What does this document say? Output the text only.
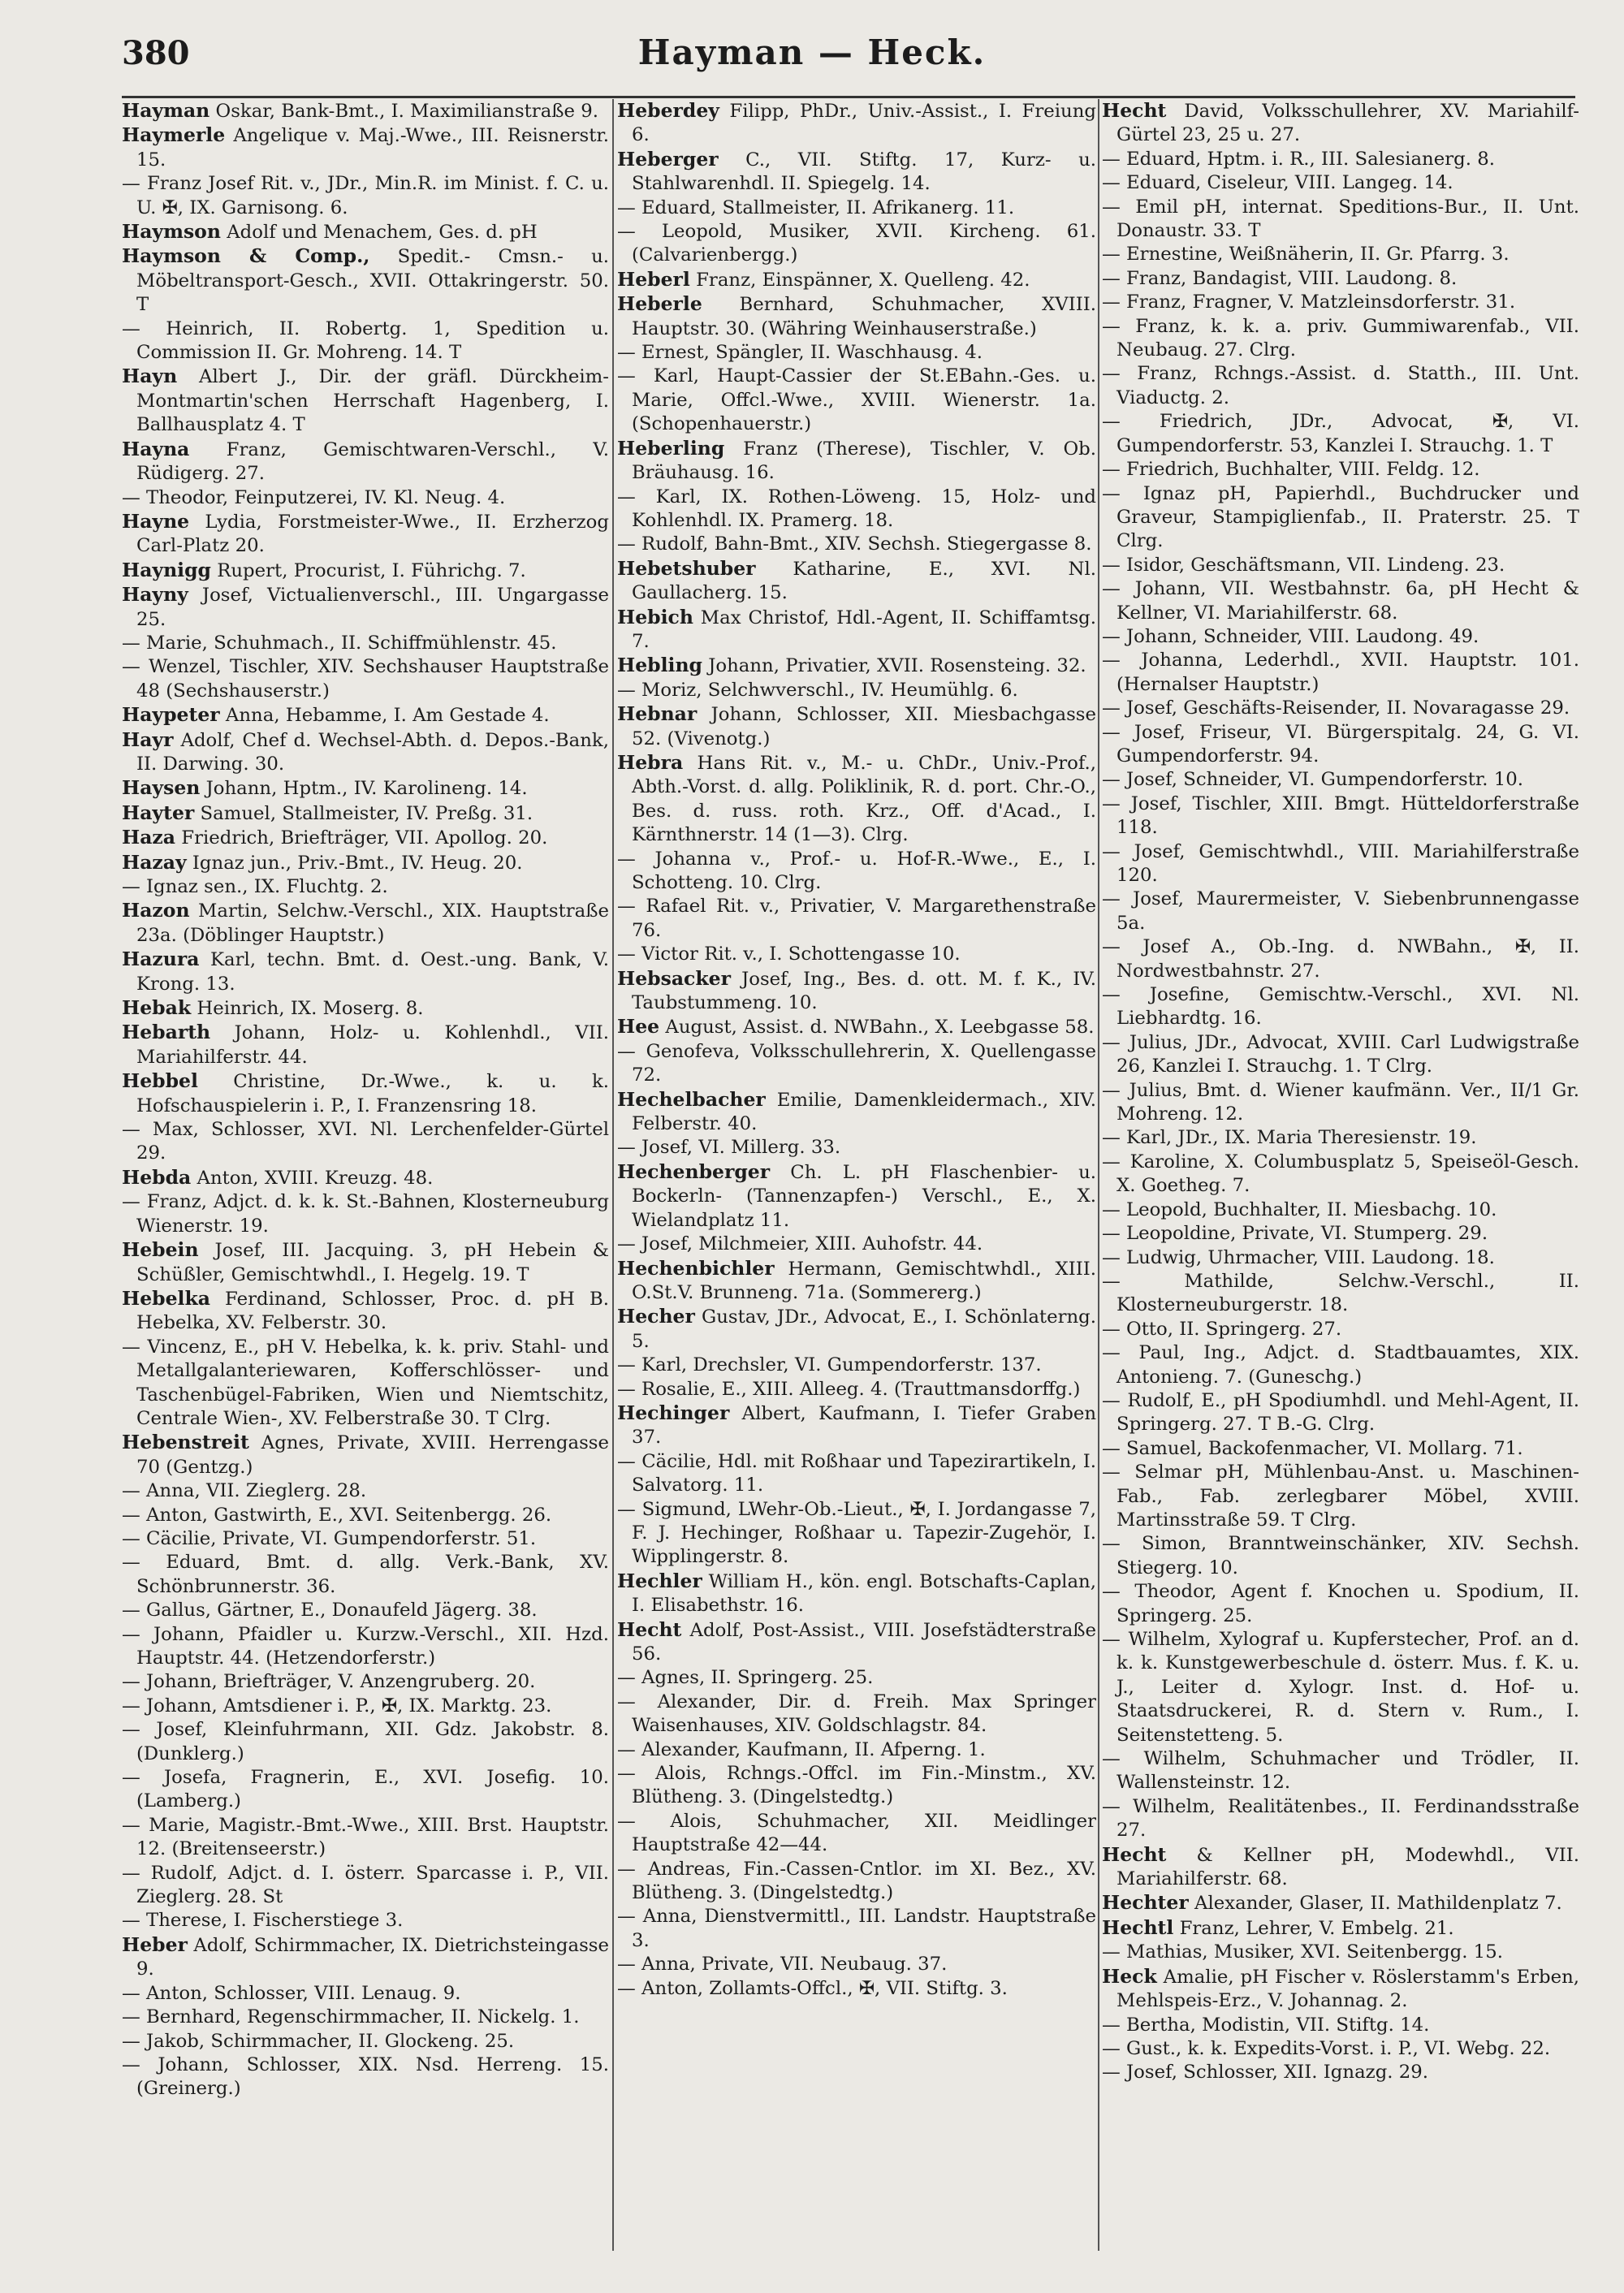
380	Hayman — Heck.
Hayman Oskar, Bank-Bmt., I. Maximilianstraße 9.
Haymerle Angelique v. Maj.-Wwe., III. Reisnerstr. 15.
— Franz Josef Rit. v., JDr., Min.R. im Minist. f. C. u. U. ✠, IX. Garnisong. 6.
Haymson Adolf und Menachem, Ges. d. pH
Haymson & Comp., Spedit.- Cmsn.- u. Möbeltransport-Gesch., XVII. Ottakringerstr. 50. T
— Heinrich, II. Robertg. 1, Spedition u. Commission II. Gr. Mohreng. 14. T
Hayn Albert J., Dir. der gräfl. Dürckheim-Montmartin'schen Herrschaft Hagenberg, I. Ballhausplatz 4. T
Hayna Franz, Gemischtwaren-Verschl., V. Rüdigerg. 27.
— Theodor, Feinputzerei, IV. Kl. Neug. 4.
Hayne Lydia, Forstmeister-Wwe., II. Erzherzog Carl-Platz 20.
Haynigg Rupert, Procurist, I. Führichg. 7.
Hayny Josef, Victualienverschl., III. Ungargasse 25.
— Marie, Schuhmach., II. Schiffmühlenstr. 45.
— Wenzel, Tischler, XIV. Sechshauser Hauptstraße 48 (Sechshauserstr.)
Haypeter Anna, Hebamme, I. Am Gestade 4.
Hayr Adolf, Chef d. Wechsel-Abth. d. Depos.-Bank, II. Darwing. 30.
Haysen Johann, Hptm., IV. Karolineng. 14.
Hayter Samuel, Stallmeister, IV. Preßg. 31.
Haza Friedrich, Briefträger, VII. Apollog. 20.
Hazay Ignaz jun., Priv.-Bmt., IV. Heug. 20.
— Ignaz sen., IX. Fluchtg. 2.
Hazon Martin, Selchw.-Verschl., XIX. Hauptstraße 23a. (Döblinger Hauptstr.)
Hazura Karl, techn. Bmt. d. Oest.-ung. Bank, V. Krong. 13.
Hebak Heinrich, IX. Moserg. 8.
Hebarth Johann, Holz- u. Kohlenhdl., VII. Mariahilferstr. 44.
Hebbel Christine, Dr.-Wwe., k. u. k. Hofschauspielerin i. P., I. Franzensring 18.
— Max, Schlosser, XVI. Nl. Lerchenfelder-Gürtel 29.
Hebda Anton, XVIII. Kreuzg. 48.
— Franz, Adjct. d. k. k. St.-Bahnen, Klosterneuburg Wienerstr. 19.
Hebein Josef, III. Jacquing. 3, pH Hebein & Schüßler, Gemischtwhdl., I. Hegelg. 19. T
Hebelka Ferdinand, Schlosser, Proc. d. pH B. Hebelka, XV. Felberstr. 30.
— Vincenz, E., pH V. Hebelka, k. k. priv. Stahl- und Metallgalanteriewaren, Kofferschlösser- und Taschenbügel-Fabriken, Wien und Niemtschitz, Centrale Wien-, XV. Felberstraße 30. T Clrg.
Hebenstreit Agnes, Private, XVIII. Herrengasse 70 (Gentzg.)
— Anna, VII. Zieglerg. 28.
— Anton, Gastwirth, E., XVI. Seitenbergg. 26.
— Cäcilie, Private, VI. Gumpendorferstr. 51.
— Eduard, Bmt. d. allg. Verk.-Bank, XV. Schönbrunnerstr. 36.
— Gallus, Gärtner, E., Donaufeld Jägerg. 38.
— Johann, Pfaidler u. Kurzw.-Verschl., XII. Hzd. Hauptstr. 44. (Hetzendorferstr.)
— Johann, Briefträger, V. Anzengruberg. 20.
— Johann, Amtsdiener i. P., ✠, IX. Marktg. 23.
— Josef, Kleinfuhrmann, XII. Gdz. Jakobstr. 8. (Dunklerg.)
— Josefa, Fragnerin, E., XVI. Josefig. 10. (Lamberg.)
— Marie, Magistr.-Bmt.-Wwe., XIII. Brst. Hauptstr. 12. (Breitenseerstr.)
— Rudolf, Adjct. d. I. österr. Sparcasse i. P., VII. Zieglerg. 28. St
— Therese, I. Fischerstiege 3.
Heber Adolf, Schirmmacher, IX. Dietrichsteingasse 9.
— Anton, Schlosser, VIII. Lenaug. 9.
— Bernhard, Regenschirmmacher, II. Nickelg. 1.
— Jakob, Schirmmacher, II. Glockeng. 25.
— Johann, Schlosser, XIX. Nsd. Herreng. 15. (Greinerg.)
Heberdey Filipp, PhDr., Univ.-Assist., I. Freiung 6.
Heberger C., VII. Stiftg. 17, Kurz- u. Stahlwarenhdl. II. Spiegelg. 14.
— Eduard, Stallmeister, II. Afrikanerg. 11.
— Leopold, Musiker, XVII. Kircheng. 61. (Calvarienbergg.)
Heberl Franz, Einspänner, X. Quelleng. 42.
Heberle Bernhard, Schuhmacher, XVIII. Hauptstr. 30. (Währing Weinhauserstraße.)
— Ernest, Spängler, II. Waschhausg. 4.
— Karl, Haupt-Cassier der St.EBahn.-Ges. u. Marie, Offcl.-Wwe., XVIII. Wienerstr. 1a. (Schopenhauerstr.)
Heberling Franz (Therese), Tischler, V. Ob. Bräuhausg. 16.
— Karl, IX. Rothen-Löweng. 15, Holz- und Kohlenhdl. IX. Pramerg. 18.
— Rudolf, Bahn-Bmt., XIV. Sechsh. Stiegergasse 8.
Hebetshuber Katharine, E., XVI. Nl. Gaullacherg. 15.
Hebich Max Christof, Hdl.-Agent, II. Schiffamtsg. 7.
Hebling Johann, Privatier, XVII. Rosensteing. 32.
— Moriz, Selchwverschl., IV. Heumühlg. 6.
Hebnar Johann, Schlosser, XII. Miesbachgasse 52. (Vivenotg.)
Hebra Hans Rit. v., M.- u. ChDr., Univ.-Prof., Abth.-Vorst. d. allg. Poliklinik, R. d. port. Chr.-O., Bes. d. russ. roth. Krz., Off. d'Acad., I. Kärnthnerstr. 14 (1—3). Clrg.
— Johanna v., Prof.- u. Hof-R.-Wwe., E., I. Schotteng. 10. Clrg.
— Rafael Rit. v., Privatier, V. Margarethenstraße 76.
— Victor Rit. v., I. Schottengasse 10.
Hebsacker Josef, Ing., Bes. d. ott. M. f. K., IV. Taubstummeng. 10.
Hee August, Assist. d. NWBahn., X. Leebgasse 58.
— Genofeva, Volksschullehrerin, X. Quellengasse 72.
Hechelbacher Emilie, Damenkleidermach., XIV. Felberstr. 40.
— Josef, VI. Millerg. 33.
Hechenberger Ch. L. pH Flaschenbier- u. Bockerln- (Tannenzapfen-) Verschl., E., X. Wielandplatz 11.
— Josef, Milchmeier, XIII. Auhofstr. 44.
Hechenbichler Hermann, Gemischtwhdl., XIII. O.St.V. Brunneng. 71a. (Sommererg.)
Hecher Gustav, JDr., Advocat, E., I. Schönlaterng. 5.
— Karl, Drechsler, VI. Gumpendorferstr. 137.
— Rosalie, E., XIII. Alleeg. 4. (Trauttmansdorffg.)
Hechinger Albert, Kaufmann, I. Tiefer Graben 37.
— Cäcilie, Hdl. mit Roßhaar und Tapezirartikeln, I. Salvatorg. 11.
— Sigmund, LWehr-Ob.-Lieut., ✠, I. Jordangasse 7, F. J. Hechinger, Roßhaar u. Tapezir-Zugehör, I. Wipplingerstr. 8.
Hechler William H., kön. engl. Botschafts-Caplan, I. Elisabethstr. 16.
Hecht Adolf, Post-Assist., VIII. Josefstädterstraße 56.
— Agnes, II. Springerg. 25.
— Alexander, Dir. d. Freih. Max Springer Waisenhauses, XIV. Goldschlagstr. 84.
— Alexander, Kaufmann, II. Afperng. 1.
— Alois, Rchngs.-Offcl. im Fin.-Minstm., XV. Blütheng. 3. (Dingelstedtg.)
— Alois, Schuhmacher, XII. Meidlinger Hauptstraße 42—44.
— Andreas, Fin.-Cassen-Cntlor. im XI. Bez., XV. Blütheng. 3. (Dingelstedtg.)
— Anna, Dienstvermittl., III. Landstr. Hauptstraße 3.
— Anna, Private, VII. Neubaug. 37.
— Anton, Zollamts-Offcl., ✠, VII. Stiftg. 3.
Hecht David, Volksschullehrer, XV. Mariahilf-Gürtel 23, 25 u. 27.
— Eduard, Hptm. i. R., III. Salesianerg. 8.
— Eduard, Ciseleur, VIII. Langeg. 14.
— Emil pH, internat. Speditions-Bur., II. Unt. Donaustr. 33. T
— Ernestine, Weißnäherin, II. Gr. Pfarrg. 3.
— Franz, Bandagist, VIII. Laudong. 8.
— Franz, Fragner, V. Matzleinsdorferstr. 31.
— Franz, k. k. a. priv. Gummiwarenfab., VII. Neubaug. 27. Clrg.
— Franz, Rchngs.-Assist. d. Statth., III. Unt. Viaductg. 2.
— Friedrich, JDr., Advocat, ✠, VI. Gumpendorferstr. 53, Kanzlei I. Strauchg. 1. T
— Friedrich, Buchhalter, VIII. Feldg. 12.
— Ignaz pH, Papierhdl., Buchdrucker und Graveur, Stampiglienfab., II. Praterstr. 25. T Clrg.
— Isidor, Geschäftsmann, VII. Lindeng. 23.
— Johann, VII. Westbahnstr. 6a, pH Hecht & Kellner, VI. Mariahilferstr. 68.
— Johann, Schneider, VIII. Laudong. 49.
— Johanna, Lederhdl., XVII. Hauptstr. 101. (Hernalser Hauptstr.)
— Josef, Geschäfts-Reisender, II. Novaragasse 29.
— Josef, Friseur, VI. Bürgerspitalg. 24, G. VI. Gumpendorferstr. 94.
— Josef, Schneider, VI. Gumpendorferstr. 10.
— Josef, Tischler, XIII. Bmgt. Hütteldorferstraße 118.
— Josef, Gemischtwhdl., VIII. Mariahilferstraße 120.
— Josef, Maurermeister, V. Siebenbrunnengasse 5a.
— Josef A., Ob.-Ing. d. NWBahn., ✠, II. Nordwestbahnstr. 27.
— Josefine, Gemischtw.-Verschl., XVI. Nl. Liebhardtg. 16.
— Julius, JDr., Advocat, XVIII. Carl Ludwigstraße 26, Kanzlei I. Strauchg. 1. T Clrg.
— Julius, Bmt. d. Wiener kaufmänn. Ver., II/1 Gr. Mohreng. 12.
— Karl, JDr., IX. Maria Theresienstr. 19.
— Karoline, X. Columbusplatz 5, Speiseöl-Gesch. X. Goetheg. 7.
— Leopold, Buchhalter, II. Miesbachg. 10.
— Leopoldine, Private, VI. Stumperg. 29.
— Ludwig, Uhrmacher, VIII. Laudong. 18.
— Mathilde, Selchw.-Verschl., II. Klosterneuburgerstr. 18.
— Otto, II. Springerg. 27.
— Paul, Ing., Adjct. d. Stadtbauamtes, XIX. Antonieng. 7. (Guneschg.)
— Rudolf, E., pH Spodiumhdl. und Mehl-Agent, II. Springerg. 27. T B.-G. Clrg.
— Samuel, Backofenmacher, VI. Mollarg. 71.
— Selmar pH, Mühlenbau-Anst. u. Maschinen-Fab., Fab. zerlegbarer Möbel, XVIII. Martinsstraße 59. T Clrg.
— Simon, Branntweinschänker, XIV. Sechsh. Stiegerg. 10.
— Theodor, Agent f. Knochen u. Spodium, II. Springerg. 25.
— Wilhelm, Xylograf u. Kupferstecher, Prof. an d. k. k. Kunstgewerbeschule d. österr. Mus. f. K. u. J., Leiter d. Xylogr. Inst. d. Hof- u. Staatsdruckerei, R. d. Stern v. Rum., I. Seitenstetteng. 5.
— Wilhelm, Schuhmacher und Trödler, II. Wallensteinstr. 12.
— Wilhelm, Realitätenbes., II. Ferdinandsstraße 27.
Hecht & Kellner pH, Modewhdl., VII. Mariahilferstr. 68.
Hechter Alexander, Glaser, II. Mathildenplatz 7.
Hechtl Franz, Lehrer, V. Embelg. 21.
— Mathias, Musiker, XVI. Seitenbergg. 15.
Heck Amalie, pH Fischer v. Röslerstamm's Erben, Mehlspeis-Erz., V. Johannag. 2.
— Bertha, Modistin, VII. Stiftg. 14.
— Gust., k. k. Expedits-Vorst. i. P., VI. Webg. 22.
— Josef, Schlosser, XII. Ignazg. 29.
